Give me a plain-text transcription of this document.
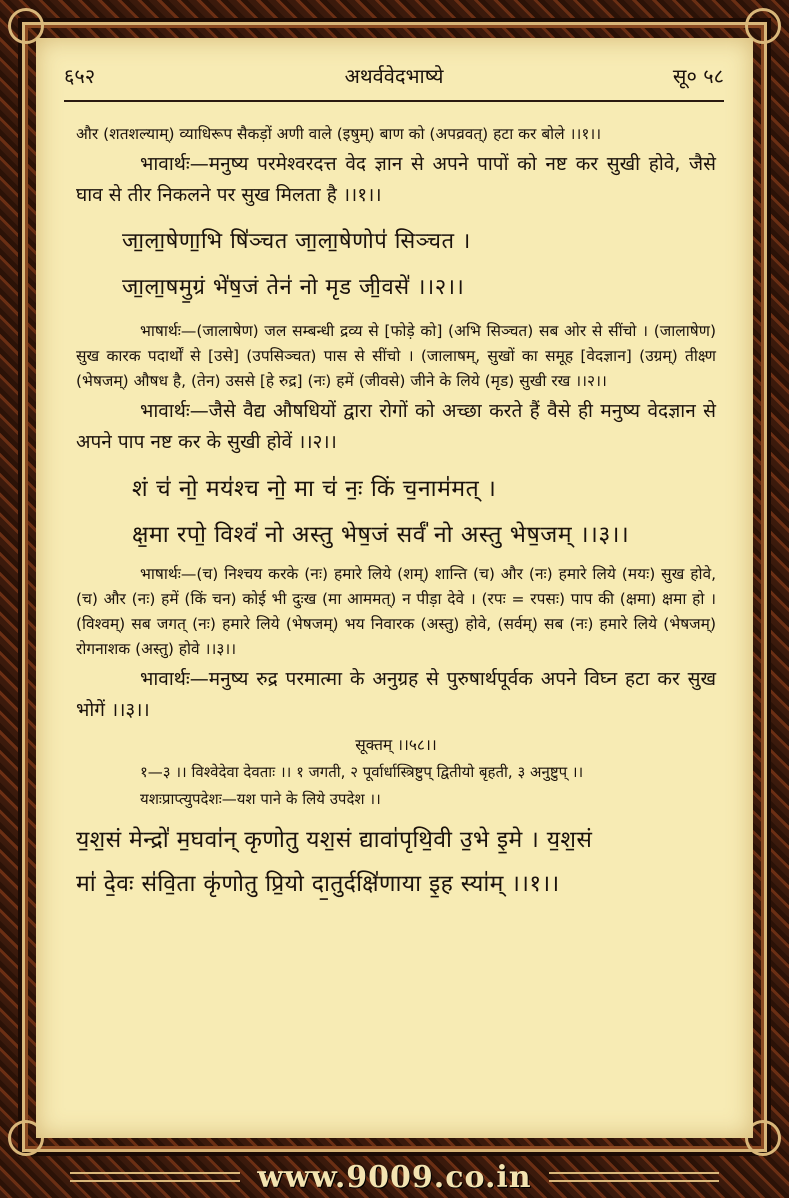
अथर्ववेदभाष्ये
६५२	सू० ५८

और (शतशल्याम्) व्याधिरूप सैकड़ों अणी वाले (इषुम्) बाण को (अपव्रवत्) हटा कर बोले ।।१।।

भावार्थः—मनुष्य परमेश्वरदत्त वेद ज्ञान से अपने पापों को नष्ट कर सुखी होवे, जैसे घाव से तीर निकलने पर सुख मिलता है ।।१।।

जा॒ला॒षेणा॒भि षि॑ञ्चत जा॒ला॒षेणोप॑ सिञ्चत ।

जा॒ला॒षमु॒ग्रं भे॑ष॒जं तेन॑ नो मृड जी॒वसे॑ ।।२।।

भाषार्थः—(जालाषेण) जल सम्बन्धी द्रव्य से [फोड़े को] (अभि सिञ्चत) सब ओर से सींचो । (जालाषेण) सुख कारक पदार्थों से [उसे] (उपसिञ्चत) पास से सींचो । (जालाषम्, सुखों का समूह [वेदज्ञान] (उग्रम्) तीक्ष्ण (भेषजम्) औषध है, (तेन) उससे [हे रुद्र] (नः) हमें (जीवसे) जीने के लिये (मृड) सुखी रख ।।२।।

भावार्थः—जैसे वैद्य औषधियों द्वारा रोगों को अच्छा करते हैं वैसे ही मनुष्य वेदज्ञान से अपने पाप नष्ट कर के सुखी होवें ।।२।।

शं च॑ नो॒ मय॑श्च नो॒ मा च॑ नः॒ किं च॒नाम॑मत् ।

क्ष॒मा रपो॒ विश्वं॑ नो अस्तु भेष॒जं सर्वं॑ नो अस्तु भेष॒जम् ।।३।।

भाषार्थः—(च) निश्चय करके (नः) हमारे लिये (शम्) शान्ति (च) और (नः) हमारे लिये (मयः) सुख होवे, (च) और (नः) हमें (किं चन) कोई भी दुःख (मा आममत्) न पीड़ा देवे । (रपः = रपसः) पाप की (क्षमा) क्षमा हो । (विश्वम्) सब जगत् (नः) हमारे लिये (भेषजम्) भय निवारक (अस्तु) होवे, (सर्वम्) सब (नः) हमारे लिये (भेषजम्) रोगनाशक (अस्तु) होवे ।।३।।

भावार्थः—मनुष्य रुद्र परमात्मा के अनुग्रह से पुरुषार्थपूर्वक अपने विघ्न हटा कर सुख भोगें ।।३।।

सूक्तम् ।।५८।।

१—३ ।। विश्वेदेवा देवताः ।। १ जगती, २ पूर्वार्धास्त्रिष्टुप् द्वितीयो बृहती, ३ अनुष्टुप् ।।

यशःप्राप्त्युपदेशः—यश पाने के लिये उपदेश ।।

य॒श॒सं मेन्द्रो॑ म॒घवा॑न् कृणोतु यश॒सं द्यावा॑पृथि॒वी उ॒भे इ॒मे । य॒श॒सं

मा॑ दे॒वः स॑वि॒ता कृ॑णोतु प्रि॒यो दा॒तुर्दक्षि॑णाया इ॒ह स्या॑म् ।।१।।

www.9009.co.in
